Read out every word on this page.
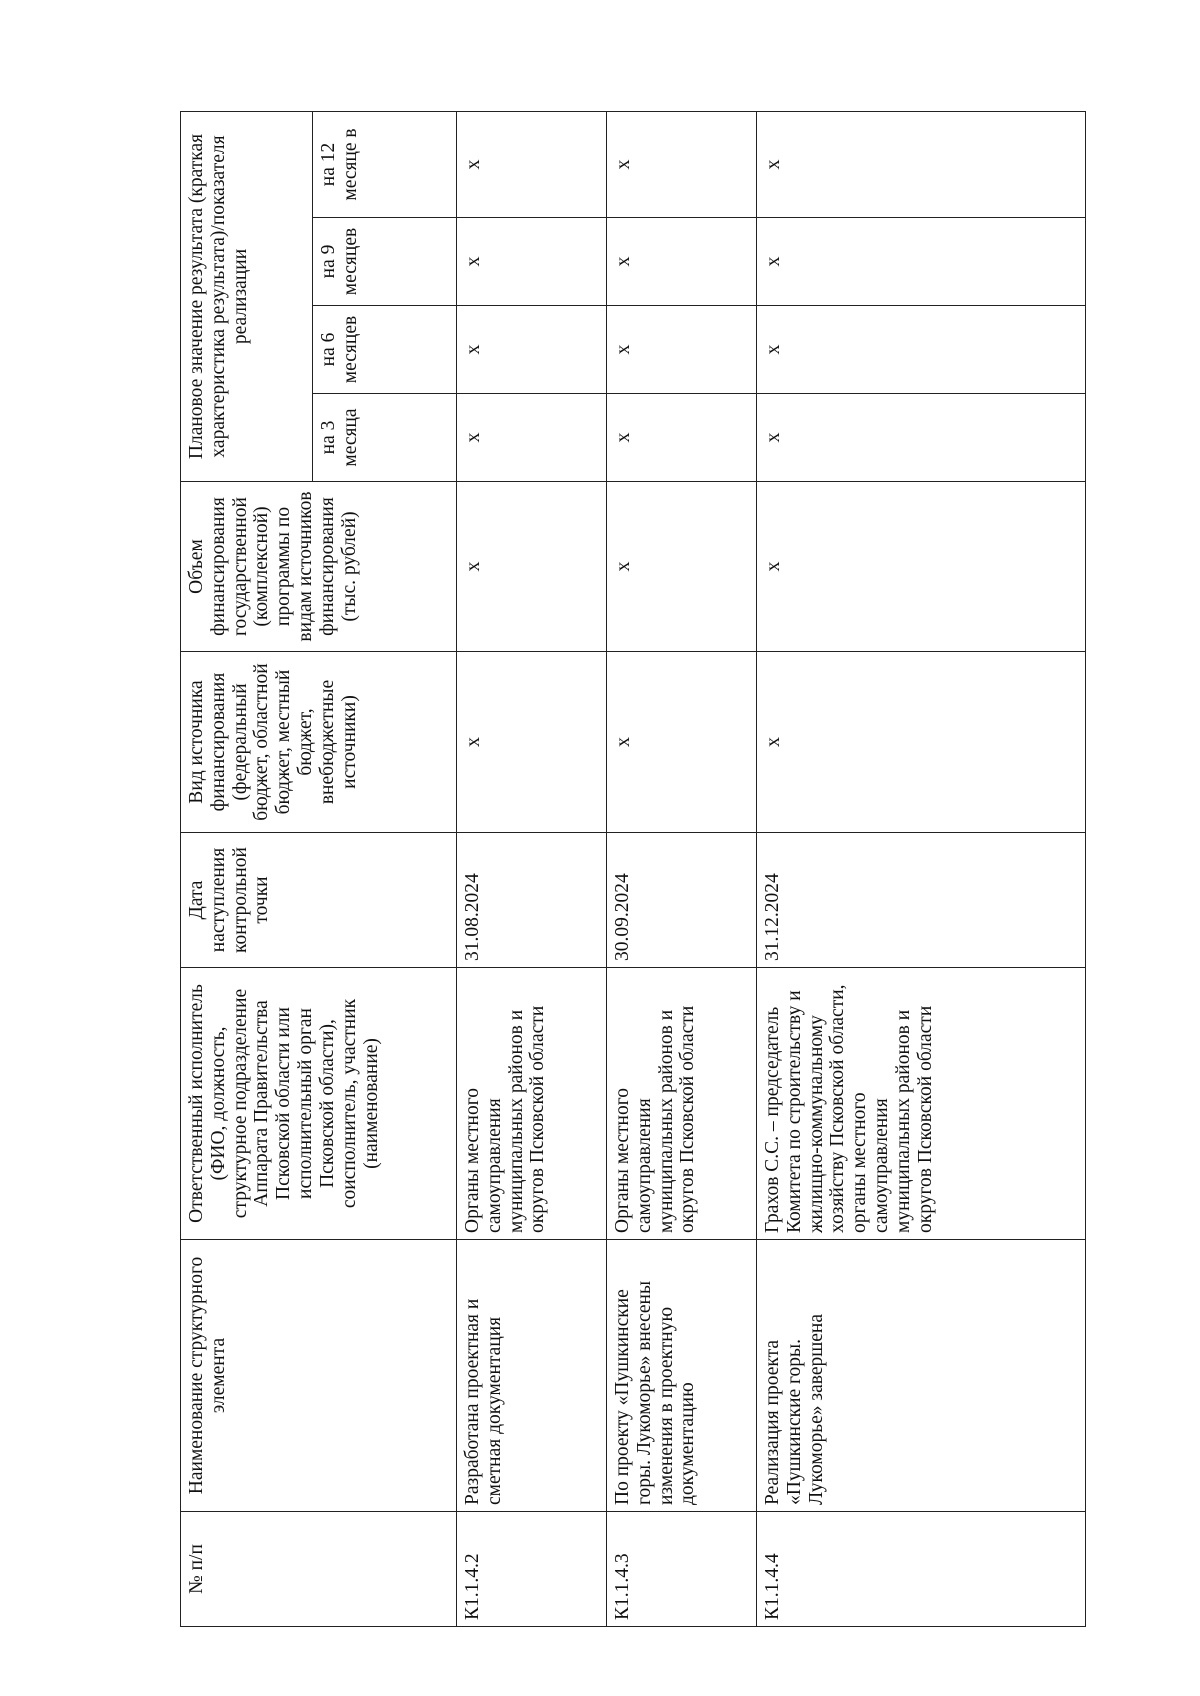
№ п/п	Наименование структурного элемента	Ответственный исполнитель (ФИО, должность, структурное подразделение Аппарата Правительства Псковской области или исполнительный орган Псковской области), соисполнитель, участник (наименование)	Дата наступления контрольной точки	Вид источника финансирования (федеральный бюджет, областной бюджет, местный бюджет, внебюджетные источники)	Объем финансирования государственной (комплексной) программы по видам источников финансирования (тыс. рублей)	Плановое значение результата (краткая характеристика результата)/показателя реализации			
						на 3 месяца	на 6 месяцев	на 9 месяцев	на 12 месяце в
К1.1.4.2	Разработана проектная и сметная документация	Органы местного самоуправления муниципальных районов и округов Псковской области	31.08.2024	x	x	x	x	x	x
К1.1.4.3	По проекту «Пушкинские горы. Лукоморье» внесены изменения в проектную документацию	Органы местного самоуправления муниципальных районов и округов Псковской области	30.09.2024	x	x	x	x	x	x
К1.1.4.4	Реализация проекта «Пушкинские горы. Лукоморье» завершена	Грахов С.С. – председатель Комитета по строительству и жилищно-коммунальному хозяйству Псковской области, органы местного самоуправления муниципальных районов и округов Псковской области	31.12.2024	x	x	x	x	x	x
